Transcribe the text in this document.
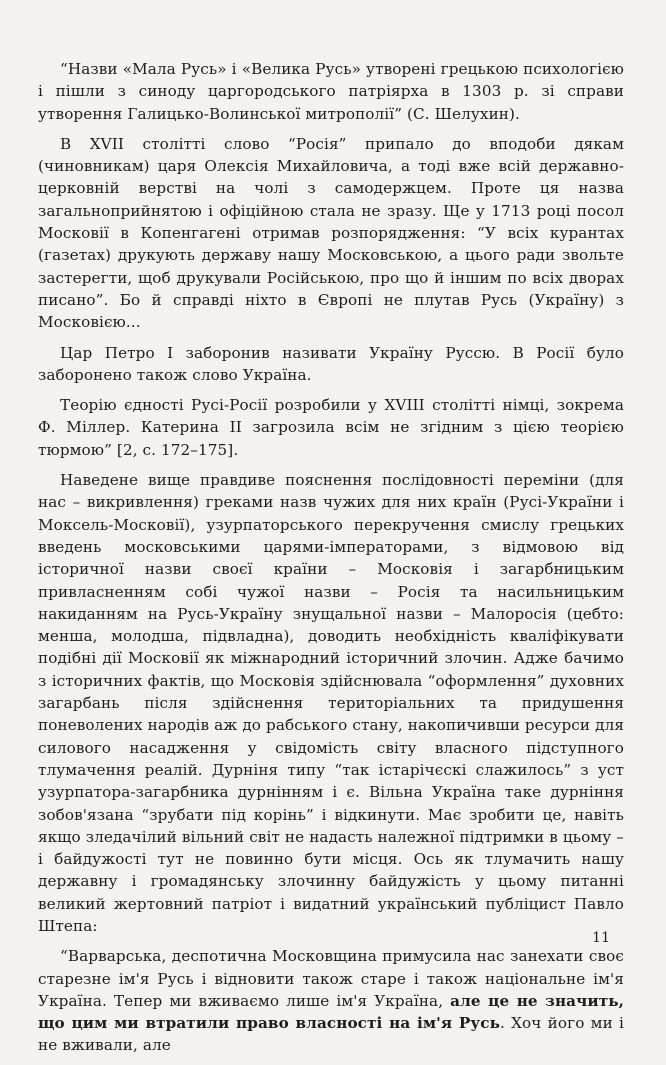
“Назви «Мала Русь» і «Велика Русь» утворені грецькою психологією і пішли з синоду царгородського патріярха в 1303 р. зі справи утворення Галицько-Волинської митрополії” (С. Шелухин).

В XVII столітті слово “Росія” припало до вподоби дякам (чиновникам) царя Олексія Михайловича, а тоді вже всій державно-церковній верстві на чолі з самодержцем. Проте ця назва загальноприйнятою і офіційною стала не зразу. Ще у 1713 році посол Московії в Копенгагені отримав розпорядження: “У всіх курантах (газетах) друкують державу нашу Московською, а цього ради звольте застерегти, щоб друкували Російською, про що й іншим по всіх дворах писано”. Бо й справді ніхто в Європі не плутав Русь (Україну) з Московією...

Цар Петро І заборонив називати Україну Руссю. В Росії було заборонено також слово Україна.

Теорію єдності Русі-Росії розробили у XVIII столітті німці, зокрема Ф. Міллер. Катерина ІІ загрозила всім не згідним з цією теорією тюрмою” [2, с. 172–175].

Наведене вище правдиве пояснення послідовності переміни (для нас – викривлення) греками назв чужих для них країн (Русі-України і Моксель-Московії), узурпаторського перекручення смислу грецьких введень московськими царями-імператорами, з відмовою від історичної назви своєї країни – Московія і загарбницьким привласненням собі чужої назви – Росія та насильницьким накиданням на Русь-Україну знущальної назви – Малоросія (цебто: менша, молодша, підвладна), доводить необхідність кваліфікувати подібні дії Московії як міжнародний історичний злочин. Адже бачимо з історичних фактів, що Московія здійснювала “оформлення” духовних загарбань після здійснення територіальних та придушення поневолених народів аж до рабського стану, накопичивши ресурси для силового насадження у свідомість світу власного підступного тлумачення реалій. Дурніня типу “так істарічєскі слажилось” з уст узурпатора-загарбника дурнінням і є. Вільна Україна таке дурніння зобов'язана “зрубати під корінь” і відкинути. Має зробити це, навіть якщо зледачілий вільний світ не надасть належної підтримки в цьому – і байдужості тут не повинно бути місця. Ось як тлумачить нашу державну і громадянську злочинну байдужість у цьому питанні великий жертовний патріот і видатний український публіцист Павло Штепа:

“Варварська, деспотична Московщина примусила нас занехати своє старезне ім'я Русь і відновити також старе і також національне ім'я Україна. Тепер ми вживаємо лише ім'я Україна, але це не значить, що цим ми втратили право власності на ім'я Русь. Хоч його ми і не вживали, але

11
